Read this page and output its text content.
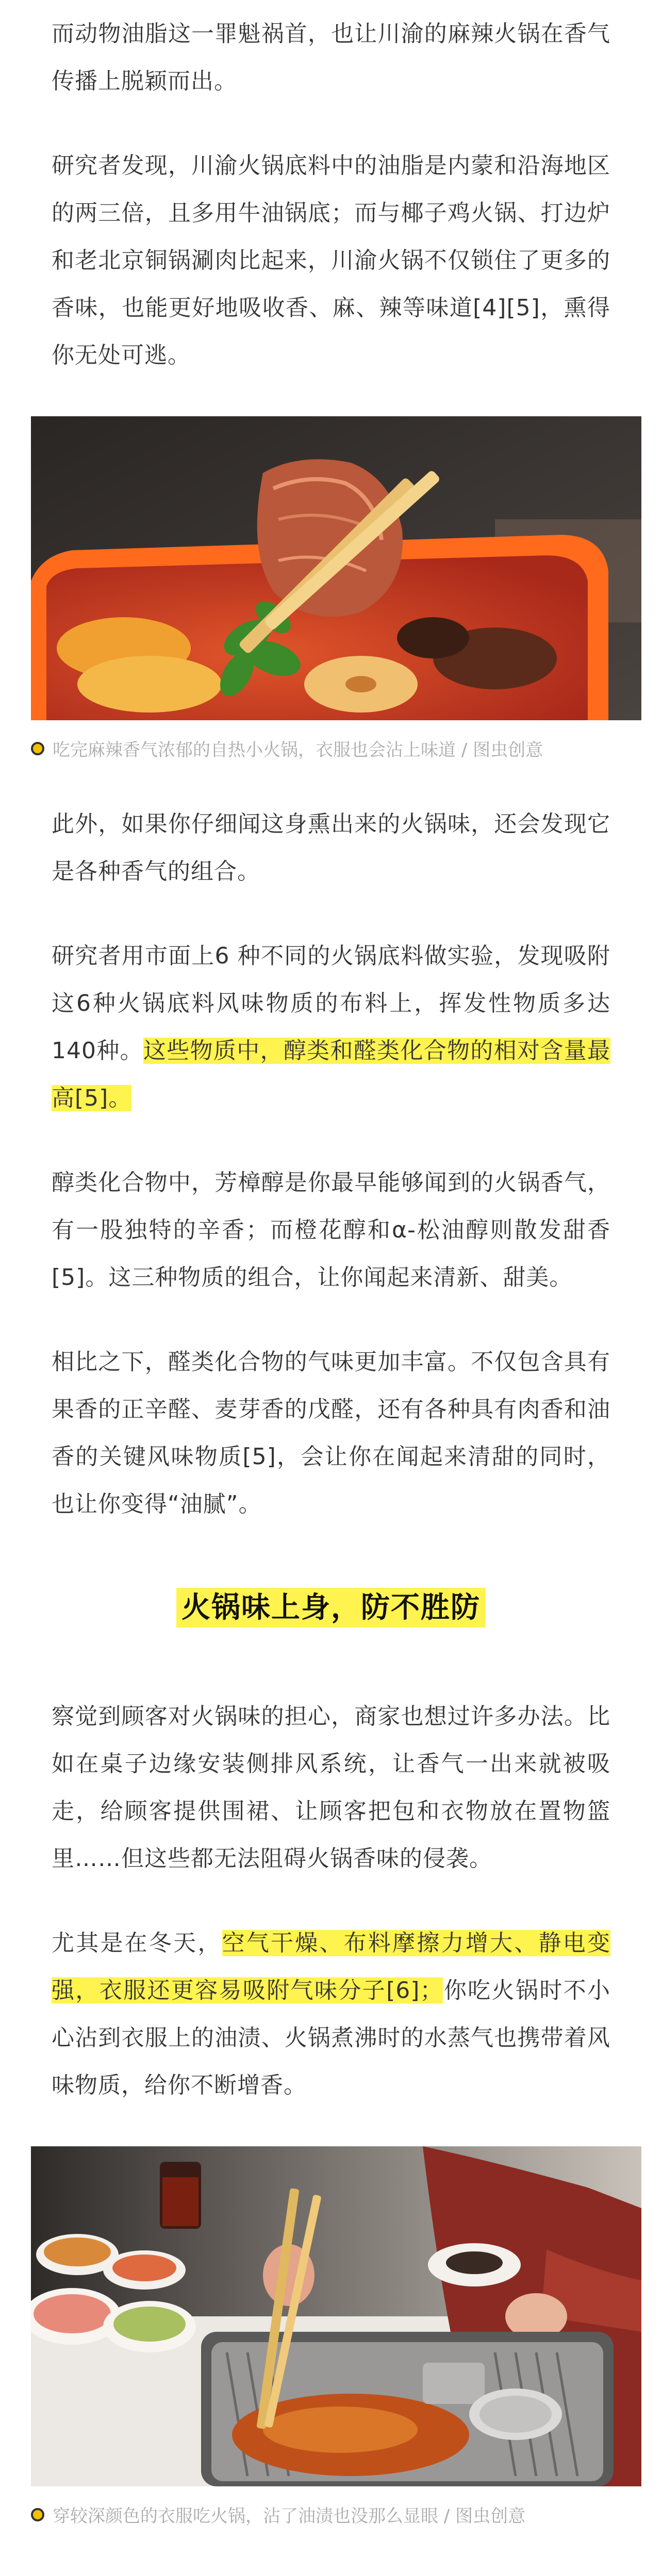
而动物油脂这一罪魁祸首，也让川渝的麻辣火锅在香气传播上脱颖而出。

研究者发现，川渝火锅底料中的油脂是内蒙和沿海地区的两三倍，且多用牛油锅底；而与椰子鸡火锅、打边炉和老北京铜锅涮肉比起来，川渝火锅不仅锁住了更多的香味，也能更好地吸收香、麻、辣等味道[4][5]，熏得你无处可逃。

吃完麻辣香气浓郁的自热小火锅，衣服也会沾上味道 / 图虫创意

此外，如果你仔细闻这身熏出来的火锅味，还会发现它是各种香气的组合。

研究者用市面上6 种不同的火锅底料做实验，发现吸附这6种火锅底料风味物质的布料上，挥发性物质多达140种。这些物质中，醇类和醛类化合物的相对含量最高[5]。

醇类化合物中，芳樟醇是你最早能够闻到的火锅香气，有一股独特的辛香；而橙花醇和α-松油醇则散发甜香[5]。这三种物质的组合，让你闻起来清新、甜美。

相比之下，醛类化合物的气味更加丰富。不仅包含具有果香的正辛醛、麦芽香的戊醛，还有各种具有肉香和油香的关键风味物质[5]，会让你在闻起来清甜的同时，也让你变得“油腻”。

火锅味上身，防不胜防

察觉到顾客对火锅味的担心，商家也想过许多办法。比如在桌子边缘安装侧排风系统，让香气一出来就被吸走，给顾客提供围裙、让顾客把包和衣物放在置物篮里……但这些都无法阻碍火锅香味的侵袭。

尤其是在冬天，空气干燥、布料摩擦力增大、静电变强，衣服还更容易吸附气味分子[6]；你吃火锅时不小心沾到衣服上的油渍、火锅煮沸时的水蒸气也携带着风味物质，给你不断增香。

穿较深颜色的衣服吃火锅，沾了油渍也没那么显眼 / 图虫创意
